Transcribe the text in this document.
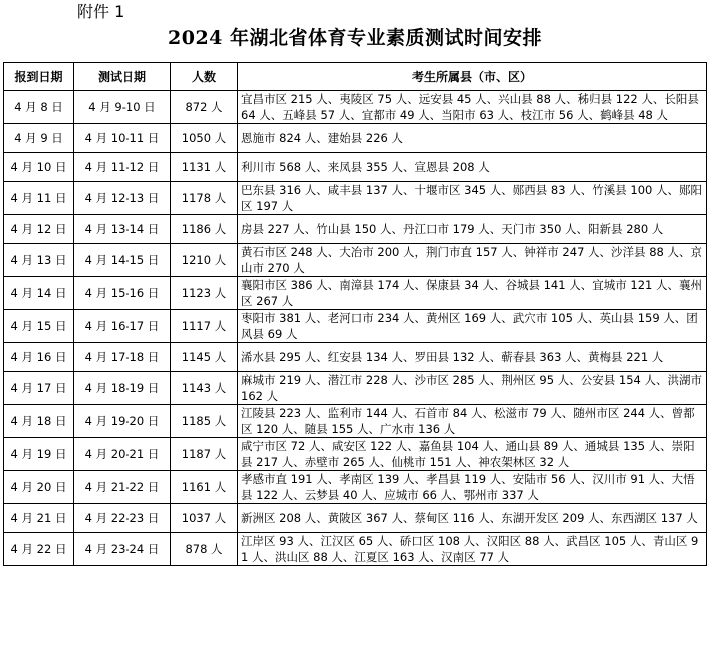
附件 1
2024 年湖北省体育专业素质测试时间安排
报到日期	测试日期	人数	考生所属县（市、区）
4 月 8 日	4 月 9-10 日	872 人	宜昌市区 215 人、夷陵区 75 人、远安县 45 人、兴山县 88 人、秭归县 122 人、长阳县 64 人、五峰县 57 人、宜都市 49 人、当阳市 63 人、枝江市 56 人、鹤峰县 48 人
4 月 9 日	4 月 10-11 日	1050 人	恩施市 824 人、建始县 226 人
4 月 10 日	4 月 11-12 日	1131 人	利川市 568 人、来凤县 355 人、宣恩县 208 人
4 月 11 日	4 月 12-13 日	1178 人	巴东县 316 人、咸丰县 137 人、十堰市区 345 人、郧西县 83 人、竹溪县 100 人、郧阳区 197 人
4 月 12 日	4 月 13-14 日	1186 人	房县 227 人、竹山县 150 人、丹江口市 179 人、天门市 350 人、阳新县 280 人
4 月 13 日	4 月 14-15 日	1210 人	黄石市区 248 人、大冶市 200 人，荆门市直 157 人、钟祥市 247 人、沙洋县 88 人、京山市 270 人
4 月 14 日	4 月 15-16 日	1123 人	襄阳市区 386 人、南漳县 174 人、保康县 34 人、谷城县 141 人、宜城市 121 人、襄州区 267 人
4 月 15 日	4 月 16-17 日	1117 人	枣阳市 381 人、老河口市 234 人、黄州区 169 人、武穴市 105 人、英山县 159 人、团风县 69 人
4 月 16 日	4 月 17-18 日	1145 人	浠水县 295 人、红安县 134 人、罗田县 132 人、蕲春县 363 人、黄梅县 221 人
4 月 17 日	4 月 18-19 日	1143 人	麻城市 219 人、潜江市 228 人、沙市区 285 人、荆州区 95 人、公安县 154 人、洪湖市 162 人
4 月 18 日	4 月 19-20 日	1185 人	江陵县 223 人、监利市 144 人、石首市 84 人、松滋市 79 人、随州市区 244 人、曾都区 120 人、随县 155 人、广水市 136 人
4 月 19 日	4 月 20-21 日	1187 人	咸宁市区 72 人、咸安区 122 人、嘉鱼县 104 人、通山县 89 人、通城县 135 人、崇阳县 217 人、赤壁市 265 人、仙桃市 151 人、神农架林区 32 人
4 月 20 日	4 月 21-22 日	1161 人	孝感市直 191 人、孝南区 139 人、孝昌县 119 人、安陆市 56 人、汉川市 91 人、大悟县 122 人、云梦县 40 人、应城市 66 人、鄂州市 337 人
4 月 21 日	4 月 22-23 日	1037 人	新洲区 208 人、黄陂区 367 人、蔡甸区 116 人、东湖开发区 209 人、东西湖区 137 人
4 月 22 日	4 月 23-24 日	878 人	江岸区 93 人、江汉区 65 人、硚口区 108 人、汉阳区 88 人、武昌区 105 人、青山区 91 人、洪山区 88 人、江夏区 163 人、汉南区 77 人
